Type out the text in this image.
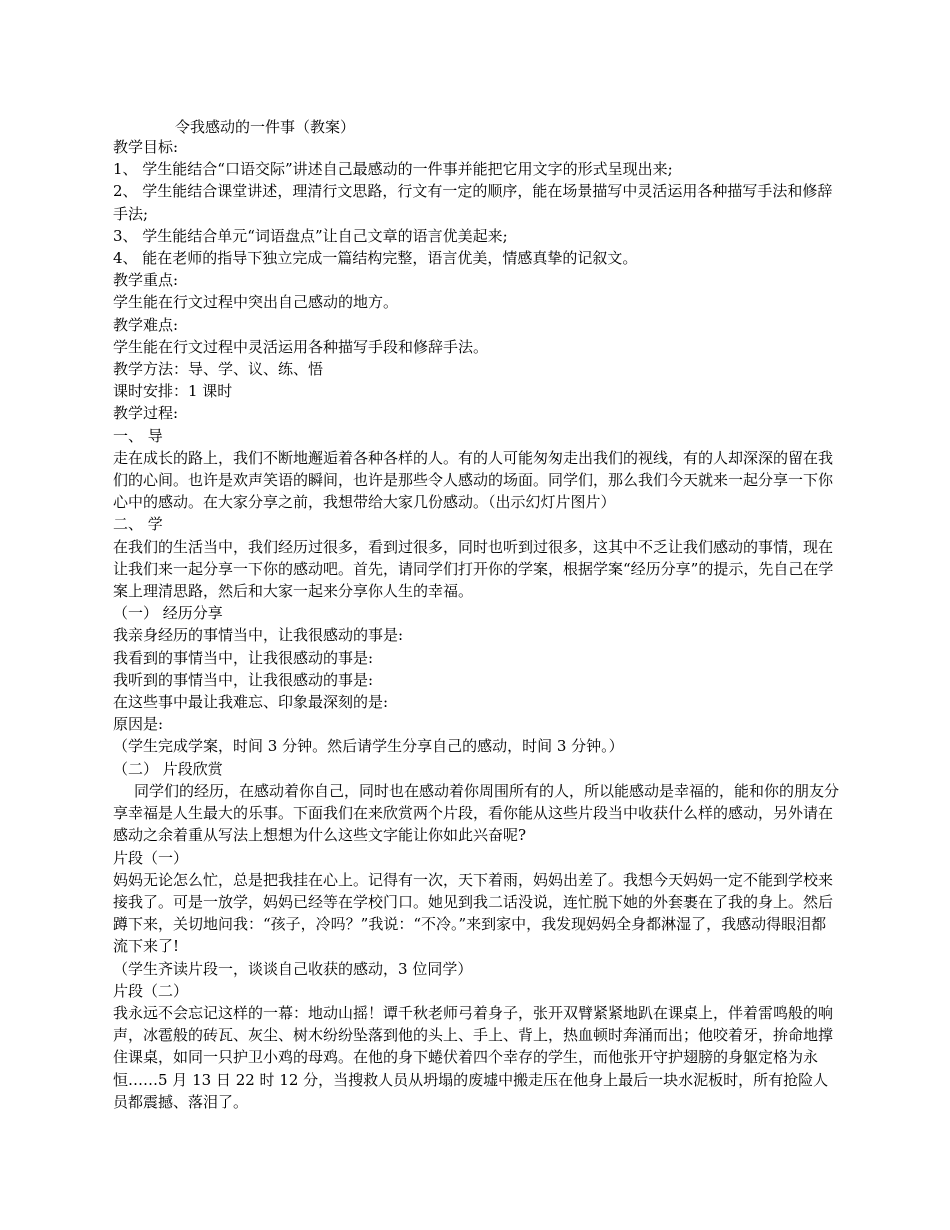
令我感动的一件事（教案）
教学目标:
1、 学生能结合“口语交际”讲述自己最感动的一件事并能把它用文字的形式呈现出来;
2、 学生能结合课堂讲述，理清行文思路，行文有一定的顺序，能在场景描写中灵活运用各种描写手法和修辞手法;
3、 学生能结合单元“词语盘点”让自己文章的语言优美起来;
4、 能在老师的指导下独立完成一篇结构完整，语言优美，情感真挚的记叙文。
教学重点:
学生能在行文过程中突出自己感动的地方。
教学难点:
学生能在行文过程中灵活运用各种描写手段和修辞手法。
教学方法：导、学、议、练、悟
课时安排：1 课时
教学过程:
一、 导
走在成长的路上，我们不断地邂逅着各种各样的人。有的人可能匆匆走出我们的视线，有的人却深深的留在我们的心间。也许是欢声笑语的瞬间，也许是那些令人感动的场面。同学们，那么我们今天就来一起分享一下你心中的感动。在大家分享之前，我想带给大家几份感动。（出示幻灯片图片）
二、 学
在我们的生活当中，我们经历过很多，看到过很多，同时也听到过很多，这其中不乏让我们感动的事情，现在让我们来一起分享一下你的感动吧。首先，请同学们打开你的学案，根据学案“经历分享”的提示，先自己在学案上理清思路，然后和大家一起来分享你人生的幸福。
（一） 经历分享
我亲身经历的事情当中，让我很感动的事是:
我看到的事情当中，让我很感动的事是:
我听到的事情当中，让我很感动的事是:
在这些事中最让我难忘、印象最深刻的是:
原因是:
（学生完成学案，时间 3 分钟。然后请学生分享自己的感动，时间 3 分钟。）
（二） 片段欣赏
同学们的经历，在感动着你自己，同时也在感动着你周围所有的人，所以能感动是幸福的，能和你的朋友分享幸福是人生最大的乐事。下面我们在来欣赏两个片段，看你能从这些片段当中收获什么样的感动，另外请在感动之余着重从写法上想想为什么这些文字能让你如此兴奋呢?
片段（一）
妈妈无论怎么忙，总是把我挂在心上。记得有一次，天下着雨，妈妈出差了。我想今天妈妈一定不能到学校来接我了。可是一放学，妈妈已经等在学校门口。她见到我二话没说，连忙脱下她的外套裹在了我的身上。然后蹲下来，关切地问我：“孩子，冷吗？”我说：“不冷。”来到家中，我发现妈妈全身都淋湿了，我感动得眼泪都流下来了!
（学生齐读片段一，谈谈自己收获的感动，3 位同学）
片段（二）
我永远不会忘记这样的一幕：地动山摇！谭千秋老师弓着身子，张开双臂紧紧地趴在课桌上，伴着雷鸣般的响声，冰雹般的砖瓦、灰尘、树木纷纷坠落到他的头上、手上、背上，热血顿时奔涌而出；他咬着牙，拚命地撑住课桌，如同一只护卫小鸡的母鸡。在他的身下蜷伏着四个幸存的学生，而他张开守护翅膀的身躯定格为永恒……5 月 13 日 22 时 12 分，当搜救人员从坍塌的废墟中搬走压在他身上最后一块水泥板时，所有抢险人员都震撼、落泪了。
